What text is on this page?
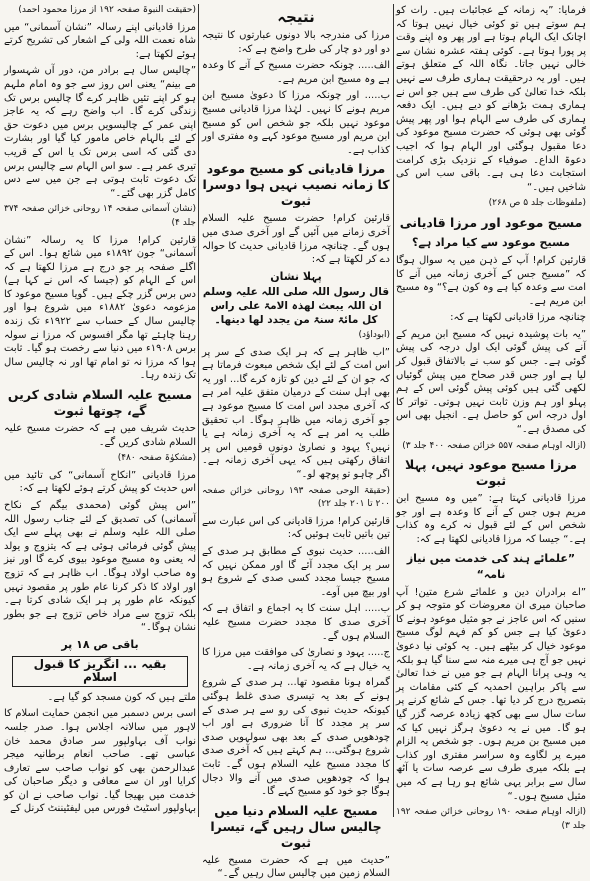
فرمایا: ”یہ زمانہ کے عجائبات ہیں۔ رات کو ہم سوتے ہیں تو کوئی خیال نہیں ہوتا کہ اچانک ایک الہام ہوتا ہے اور پھر وہ اپنے وقت پر پورا ہوتا ہے۔ کوئی ہفتہ عشرہ نشان سے خالی نہیں جاتا۔ نگاہ اللہ کے متعلق ہوتے ہیں۔ اور یہ درحقیقت ہماری طرف سے نہیں بلکہ خدا تعالیٰ کی طرف سے ہیں جو اس نے ہماری ہمت بڑھانے کو دیے ہیں۔ ایک دفعہ ہماری کی طرف سے الہام ہوا اور پھر پیش گوئی بھی ہوئی کہ حضرت مسیح موعود کی دعا مقبول ہوگئی اور الہام ہوا کہ اجیب دعوۃ الداع۔ صوفیاء کے نزدیک بڑی کرامت استجابت دعا ہی ہے۔ باقی سب اس کی شاخیں ہیں۔“

(ملفوظات جلد ۵ ص ۲۶۸)

مسیح موعود اور مرزا قادیانی
مسیح موعود سے کیا مراد ہے؟

قارئین کرام! آپ کے ذہن میں یہ سوال ہوگا کہ ”مسیح جس کے آخری زمانہ میں آنے کا امت سے وعدہ کیا ہے وہ کون ہے؟“ وہ مسیح ابن مریم ہے۔

چنانچہ مرزا قادیانی لکھتا ہے کہ:

”یہ بات پوشیدہ نہیں کہ مسیح ابن مریم کے آنے کی پیش گوئی ایک اول درجہ کی پیش گوئی ہے۔ جس کو سب نے بالاتفاق قبول کر لیا ہے اور جس قدر صحاح میں پیش گوئیاں لکھی گئی ہیں کوئی پیش گوئی اس کے ہم پہلو اور ہم وزن ثابت نہیں ہوتی۔ تواتر کا اول درجہ اس کو حاصل ہے۔ انجیل بھی اس کی مصدق ہے۔“

(ازالہ اوہام صفحہ ۵۵۷ خزائن صفحہ ۴۰۰ جلد ۳)

مرزا مسیح موعود نہیں، پہلا ثبوت

مرزا قادیانی کہتا ہے: ”میں وہ مسیح ابن مریم ہوں جس کے آنے کا وعدہ ہے اور جو شخص اس کے لئے قبول نہ کرے وہ کذاب ہے۔“ جیسا کہ مرزا قادیانی لکھتا ہے کہ:

”علمائے ہند کی خدمت میں نیاز نامہ“

”اے برادران دین و علمائے شرع متین! آپ صاحبان میری ان معروضات کو متوجہ ہو کر سنیں کہ اس عاجز نے جو مثیل موعود ہونے کا دعویٰ کیا ہے جس کو کم فہم لوگ مسیح موعود خیال کر بیٹھے ہیں۔ یہ کوئی نیا دعویٰ نہیں جو آج ہی میرے منہ سے سنا گیا ہو بلکہ یہ وہی پرانا الہام ہے جو میں نے خدا تعالیٰ سے پاکر براہین احمدیہ کے کئی مقامات پر بتصریح درج کر دیا تھا۔ جس کے شائع کرنے پر سات سال سے بھی کچھ زیادہ عرصہ گزر گیا ہو گا۔ میں نے یہ دعویٰ ہرگز نہیں کیا کہ میں مسیح بن مریم ہوں۔ جو شخص یہ الزام میرے پر لگاوے وہ سراسر مفتری اور کذاب ہے بلکہ میری طرف سے عرصہ سات یا آٹھ سال سے برابر یہی شائع ہو رہا ہے کہ میں مثیل مسیح ہوں۔“

(ازالہ اوہام صفحہ ۱۹۰ روحانی خزائن صفحہ ۱۹۲ جلد ۳)

نتیجہ

مرزا کی مندرجہ بالا دونوں عبارتوں کا نتیجہ دو اور دو چار کی طرح واضح ہے کہ:

الف..... چونکہ حضرت مسیح کے آنے کا وعدہ ہے وہ مسیح ابن مریم ہے۔

ب..... اور چونکہ مرزا کا دعویٰ مسیح ابن مریم ہونے کا نہیں۔ لہٰذا مرزا قادیانی مسیح موعود نہیں بلکہ جو شخص اس کو مسیح ابن مریم اور مسیح موعود کہے وہ مفتری اور کذاب ہے۔

مرزا قادیانی کو مسیح موعود کا زمانہ نصیب نہیں ہوا دوسرا ثبوت

قارئین کرام! حضرت مسیح علیہ السلام آخری زمانے میں آئیں گے اور آخری صدی میں ہوں گے۔ چنانچہ مرزا قادیانی حدیث کا حوالہ دے کر لکھتا ہے کہ:

پہلا نشان
قال رسول اللہ صلی اللہ علیہ وسلم ان اللہ یبعث لھذہ الامۃ علی راس کل مائۃ سنۃ من یجدد لھا دینھا۔

(ابوداؤد)

”اب ظاہر ہے کہ ہر ایک صدی کے سر پر اس امت کے لئے ایک شخص مبعوث فرماتا ہے کہ جو ان کے لئے دین کو تازہ کرے گا... اور یہ بھی اہل سنت کے درمیان متفق علیہ امر ہے کہ آخری مجدد اس امت کا مسیح موعود ہے جو آخری زمانہ میں ظاہر ہوگا۔ اب تحقیق طلب یہ امر ہے کہ یہ آخری زمانہ ہے یا نہیں؟ یہود و نصاریٰ دونوں قومیں اس پر اتفاق رکھتی ہیں کہ یہی آخری زمانہ ہے۔ اگر چاہو تو پوچھ لو۔“

(حقیقۃ الوحی صفحہ ۱۹۳ روحانی خزائن صفحہ ۲۰۰ تا ۲۰۱ جلد ۲۲)

قارئین کرام! مرزا قادیانی کی اس عبارت سے تین باتیں ثابت ہوئیں کہ:

الف..... حدیث نبوی کے مطابق ہر صدی کے سر پر ایک مجدد آئے گا اور ممکن نہیں کہ مسیح جیسا مجدد کسی صدی کے شروع ہو اور بیچ میں آوے۔

ب..... اہل سنت کا یہ اجماع و اتفاق ہے کہ آخری صدی کا مجدد حضرت مسیح علیہ السلام ہوں گے۔

ج..... یہود و نصاریٰ کی موافقت میں مرزا کا یہ خیال ہے کہ یہ آخری زمانہ ہے۔

گمراہ ہونا مقصود تھا... ہر صدی کے شروع ہونے کے بعد یہ تیسری صدی غلط ہوگئی کیونکہ حدیث نبوی کی رو سے ہر صدی کے سر پر مجدد کا آنا ضروری ہے اور اب چودھویں صدی کے بعد بھی سولہویں صدی شروع ہوگئی... ہم کہتے ہیں کہ آخری صدی کا مجدد مسیح علیہ السلام ہوں گے۔ ثابت ہوا کہ چودھویں صدی میں آنے والا دجال ہوگا جو خود کو مسیح کہے گا۔

مسیح علیہ السلام دنیا میں چالیس سال رہیں گے، تیسرا ثبوت

”حدیث میں ہے کہ حضرت مسیح علیہ السلام زمین میں چالیس سال رہیں گے۔“

(حقیقت النبوۃ صفحہ ۱۹۲ از مرزا محمود احمد)

مرزا قادیانی اپنے رسالہ ”نشان آسمانی“ میں شاہ نعمت اللہ ولی کے اشعار کی تشریح کرتے ہوئے لکھتا ہے:

”چالیس سال ہے برادر من، دور آں شہسوار مے بینم“ یعنی اس روز سے جو وہ امام ملہم ہو کر اپنے تئیں ظاہر کرے گا چالیس برس تک زندگی کرے گا۔ اب واضح رہے کہ یہ عاجز اپنی عمر کے چالیسویں برس میں دعوت حق کے لئے بالہام خاص مامور کیا گیا اور بشارت دی گئی کہ اسی برس تک یا اس کے قریب تیری عمر ہے۔ سو اس الہام سے چالیس برس تک دعوت ثابت ہوتی ہے جن میں سے دس کامل گزر بھی گئے۔“

(نشان آسمانی صفحہ ۱۴ روحانی خزائن صفحہ ۳۷۴ جلد ۴)

قارئین کرام! مرزا کا یہ رسالہ ”نشان آسمانی“ جون ۱۸۹۲ء میں شائع ہوا۔ اس کے اگلے صفحہ پر جو درج ہے مرزا لکھتا ہے کہ اس کے الہام کو (جیسا کہ اس نے کہا ہے) دس برس گزر چکے ہیں۔ گویا مسیح موعود کا مزعومہ دعویٰ ۱۸۸۲ء میں شروع ہوا اور چالیس سال کے حساب سے ۱۹۲۲ء تک زندہ رہنا چاہئے تھا مگر افسوس کہ مرزا نے سولہ برس ۱۹۰۸ء میں دنیا سے رخصت ہو گیا۔ ثابت ہوا کہ مرزا نہ تو امام تھا اور نہ چالیس سال تک زندہ رہا۔

مسیح علیہ السلام شادی کریں گے، چوتھا ثبوت

حدیث شریف میں ہے کہ حضرت مسیح علیہ السلام شادی کریں گے۔

(مشکوٰۃ صفحہ ۴۸۰)

مرزا قادیانی ”انکاح آسمانی“ کی تائید میں اس حدیث کو پیش کرتے ہوئے لکھتا ہے کہ:

”اس پیش گوئی (محمدی بیگم کے نکاح آسمانی) کی تصدیق کے لئے جناب رسول اللہ صلی اللہ علیہ وسلم نے بھی پہلے سے ایک پیش گوئی فرمائی ہوئی ہے کہ یتزوج و یولد لہ یعنی وہ مسیح موعود بیوی کرے گا اور نیز وہ صاحب اولاد ہوگا۔ اب ظاہر ہے کہ تزوج اور اولاد کا ذکر کرنا عام طور پر مقصود نہیں کیونکہ عام طور پر ہر ایک شادی کرتا ہے۔ بلکہ تزوج سے مراد خاص تزوج ہے جو بطور نشان ہوگا۔“

باقی ص ۱۸ پر
بقیہ ... انگریز کا قبول اسلام

ملتے ہیں کہ کون مسجد کو گیا ہے۔

اسی برس دسمبر میں انجمن حمایت اسلام کا لاہور میں سالانہ اجلاس ہوا۔ صدر جلسہ نواب آف بہاولپور سر صادق محمد خان عباسی تھے۔ صاحب انعام برطانیہ میجر عبدالرحمن بھی کو نواب صاحب سے تعارف کرایا اور ان سے معافی و دیگر صاحبان کی خدمت میں بھیجا گیا۔ نواب صاحب نے ان کو بہاولپور اسٹیٹ فورس میں لیفٹیننٹ کرنل کے
